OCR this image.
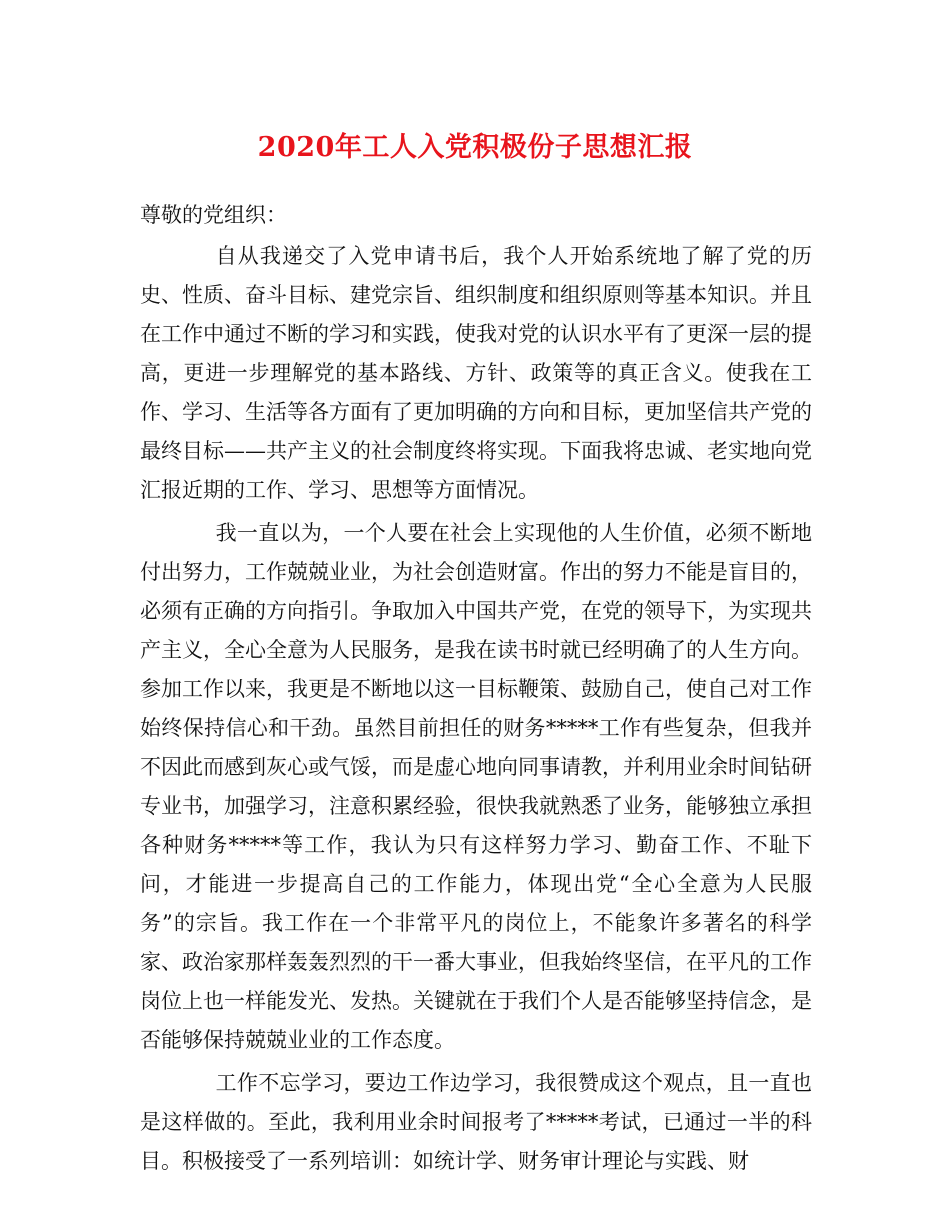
2020年工人入党积极份子思想汇报

尊敬的党组织：

自从我递交了入党申请书后，我个人开始系统地了解了党的历史、性质、奋斗目标、建党宗旨、组织制度和组织原则等基本知识。并且在工作中通过不断的学习和实践，使我对党的认识水平有了更深一层的提高，更进一步理解党的基本路线、方针、政策等的真正含义。使我在工作、学习、生活等各方面有了更加明确的方向和目标，更加坚信共产党的最终目标——共产主义的社会制度终将实现。下面我将忠诚、老实地向党汇报近期的工作、学习、思想等方面情况。

我一直以为，一个人要在社会上实现他的人生价值，必须不断地付出努力，工作兢兢业业，为社会创造财富。作出的努力不能是盲目的，必须有正确的方向指引。争取加入中国共产党，在党的领导下，为实现共产主义，全心全意为人民服务，是我在读书时就已经明确了的人生方向。参加工作以来，我更是不断地以这一目标鞭策、鼓励自己，使自己对工作始终保持信心和干劲。虽然目前担任的财务*****工作有些复杂，但我并不因此而感到灰心或气馁，而是虚心地向同事请教，并利用业余时间钻研专业书，加强学习，注意积累经验，很快我就熟悉了业务，能够独立承担各种财务*****等工作，我认为只有这样努力学习、勤奋工作、不耻下问，才能进一步提高自己的工作能力，体现出党“全心全意为人民服务”的宗旨。我工作在一个非常平凡的岗位上，不能象许多著名的科学家、政治家那样轰轰烈烈的干一番大事业，但我始终坚信，在平凡的工作岗位上也一样能发光、发热。关键就在于我们个人是否能够坚持信念，是否能够保持兢兢业业的工作态度。

工作不忘学习，要边工作边学习，我很赞成这个观点，且一直也是这样做的。至此，我利用业余时间报考了*****考试，已通过一半的科目。积极接受了一系列培训：如统计学、财务审计理论与实践、财
